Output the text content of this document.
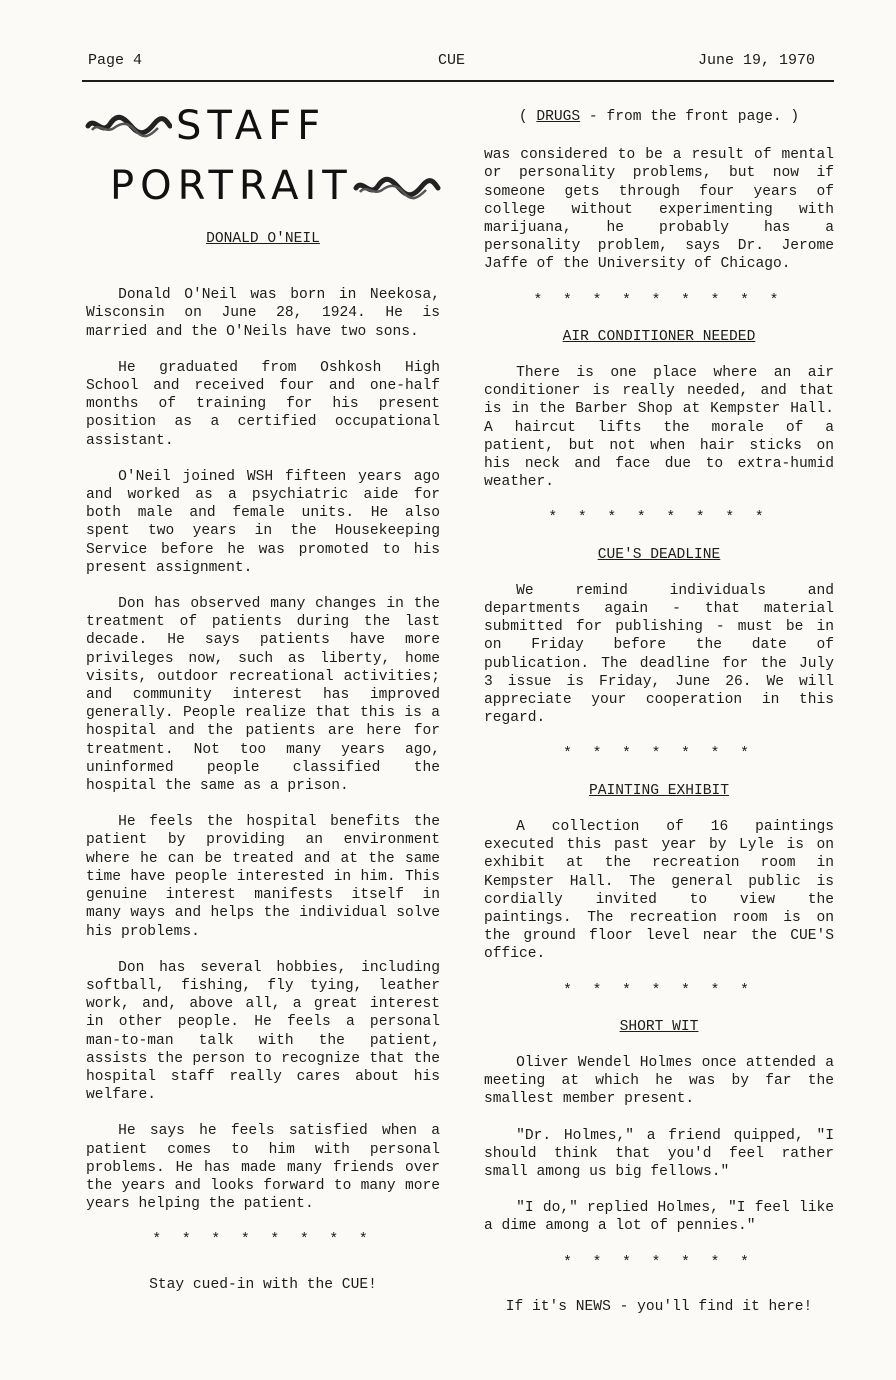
Page 4	CUE	June 19, 1970
STAFF
PORTRAIT
DONALD O'NEIL

Donald O'Neil was born in Neekosa, Wisconsin on June 28, 1924. He is married and the O'Neils have two sons.

He graduated from Oshkosh High School and received four and one-half months of training for his present position as a certified occupational assistant.

O'Neil joined WSH fifteen years ago and worked as a psychiatric aide for both male and female units. He also spent two years in the Housekeeping Service before he was promoted to his present assignment.

Don has observed many changes in the treatment of patients during the last decade. He says patients have more privileges now, such as liberty, home visits, outdoor recreational activities; and community interest has improved generally. People realize that this is a hospital and the patients are here for treatment. Not too many years ago, uninformed people classified the hospital the same as a prison.

He feels the hospital benefits the patient by providing an environment where he can be treated and at the same time have people interested in him. This genuine interest manifests itself in many ways and helps the individual solve his problems.

Don has several hobbies, including softball, fishing, fly tying, leather work, and, above all, a great interest in other people. He feels a personal man-to-man talk with the patient, assists the person to recognize that the hospital staff really cares about his welfare.

He says he feels satisfied when a patient comes to him with personal problems. He has made many friends over the years and looks forward to many more years helping the patient.

* * * * * * * *
Stay cued-in with the CUE!
( DRUGS - from the front page. )

was considered to be a result of mental or personality problems, but now if someone gets through four years of college without experimenting with marijuana, he probably has a personality problem, says Dr. Jerome Jaffe of the University of Chicago.

* * * * * * * * *
AIR CONDITIONER NEEDED

There is one place where an air conditioner is really needed, and that is in the Barber Shop at Kempster Hall. A haircut lifts the morale of a patient, but not when hair sticks on his neck and face due to extra-humid weather.

* * * * * * * *
CUE'S DEADLINE

We remind individuals and departments again - that material submitted for publishing - must be in on Friday before the date of publication. The deadline for the July 3 issue is Friday, June 26. We will appreciate your cooperation in this regard.

* * * * * * *
PAINTING EXHIBIT

A collection of 16 paintings executed this past year by Lyle is on exhibit at the recreation room in Kempster Hall. The general public is cordially invited to view the paintings. The recreation room is on the ground floor level near the CUE'S office.

* * * * * * *
SHORT WIT

Oliver Wendel Holmes once attended a meeting at which he was by far the smallest member present.

"Dr. Holmes," a friend quipped, "I should think that you'd feel rather small among us big fellows."

"I do," replied Holmes, "I feel like a dime among a lot of pennies."

* * * * * * *
If it's NEWS - you'll find it here!
